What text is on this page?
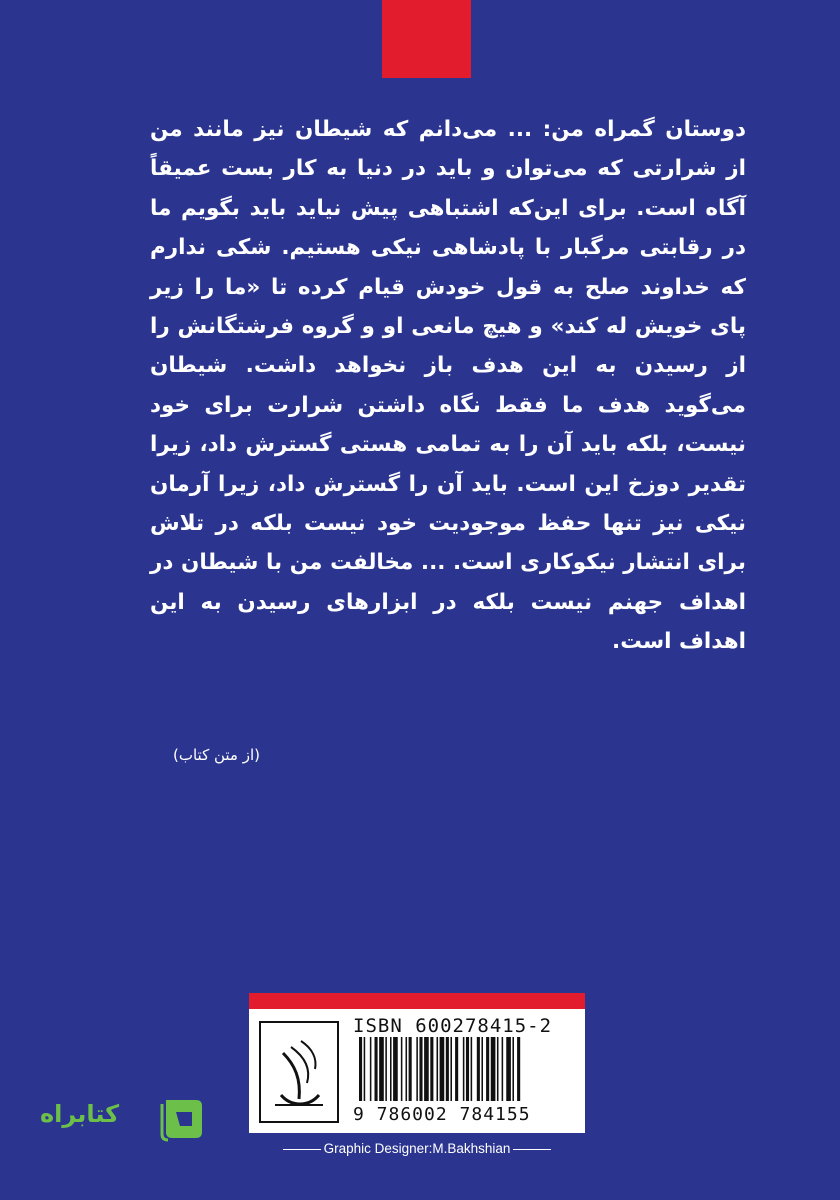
دوستان گمراه من: ... می‌دانم که شیطان نیز مانند من از شرارتی که می‌توان و باید در دنیا به کار بست عمیقاً آگاه است. برای این‌که اشتباهی پیش نیاید باید بگویم ما در رقابتی مرگبار با پادشاهی نیکی هستیم. شکی ندارم که خداوند صلح به قول خودش قیام کرده تا «ما را زیر پای خویش له کند» و هیچ مانعی او و گروه فرشتگانش را از رسیدن به این هدف باز نخواهد داشت. شیطان می‌گوید هدف ما فقط نگاه داشتن شرارت برای خود نیست، بلکه باید آن را به تمامی هستی گسترش داد، زیرا تقدیر دوزخ این است. باید آن را گسترش داد، زیرا آرمان نیکی نیز تنها حفظ موجودیت خود نیست بلکه در تلاش برای انتشار نیکوکاری است. ... مخالفت من با شیطان در اهداف جهنم نیست بلکه در ابزارهای رسیدن به این اهداف است.

(از متن کتاب)
ISBN 600278415-2
9 786002 784155
Graphic Designer:M.Bakhshian
کتابراه
